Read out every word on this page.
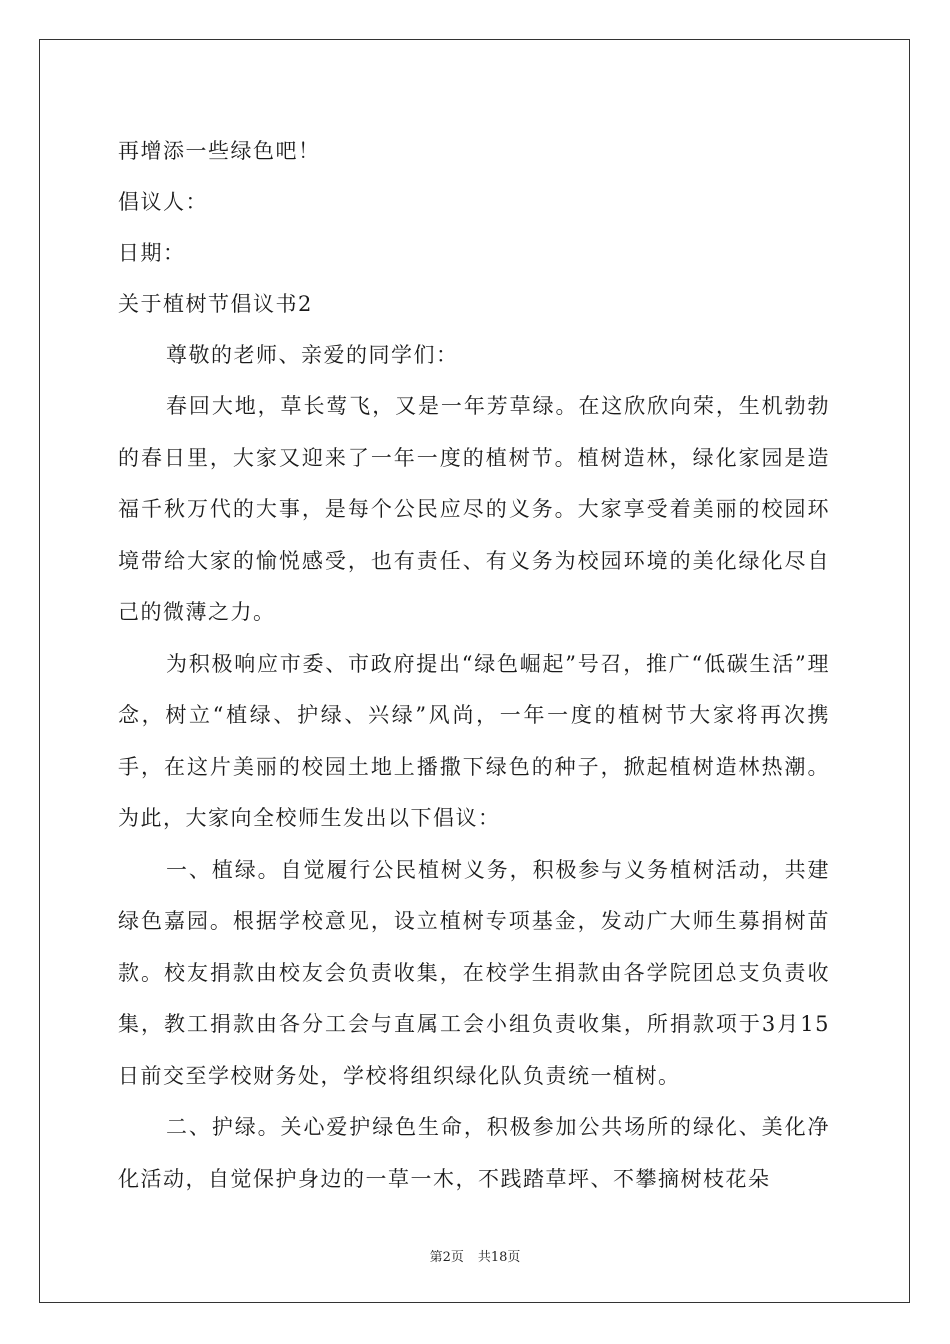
再增添一些绿色吧！

倡议人：

日期：

关于植树节倡议书2

尊敬的老师、亲爱的同学们：

春回大地，草长莺飞，又是一年芳草绿。在这欣欣向荣，生机勃勃的春日里，大家又迎来了一年一度的植树节。植树造林，绿化家园是造福千秋万代的大事，是每个公民应尽的义务。大家享受着美丽的校园环境带给大家的愉悦感受，也有责任、有义务为校园环境的美化绿化尽自己的微薄之力。

为积极响应市委、市政府提出“绿色崛起”号召，推广“低碳生活”理念，树立“植绿、护绿、兴绿”风尚，一年一度的植树节大家将再次携手，在这片美丽的校园土地上播撒下绿色的种子，掀起植树造林热潮。为此，大家向全校师生发出以下倡议：

一、植绿。自觉履行公民植树义务，积极参与义务植树活动，共建绿色嘉园。根据学校意见，设立植树专项基金，发动广大师生募捐树苗款。校友捐款由校友会负责收集，在校学生捐款由各学院团总支负责收集，教工捐款由各分工会与直属工会小组负责收集，所捐款项于3月15日前交至学校财务处，学校将组织绿化队负责统一植树。

二、护绿。关心爱护绿色生命，积极参加公共场所的绿化、美化净化活动，自觉保护身边的一草一木，不践踏草坪、不攀摘树枝花朵

第2页 共18页
